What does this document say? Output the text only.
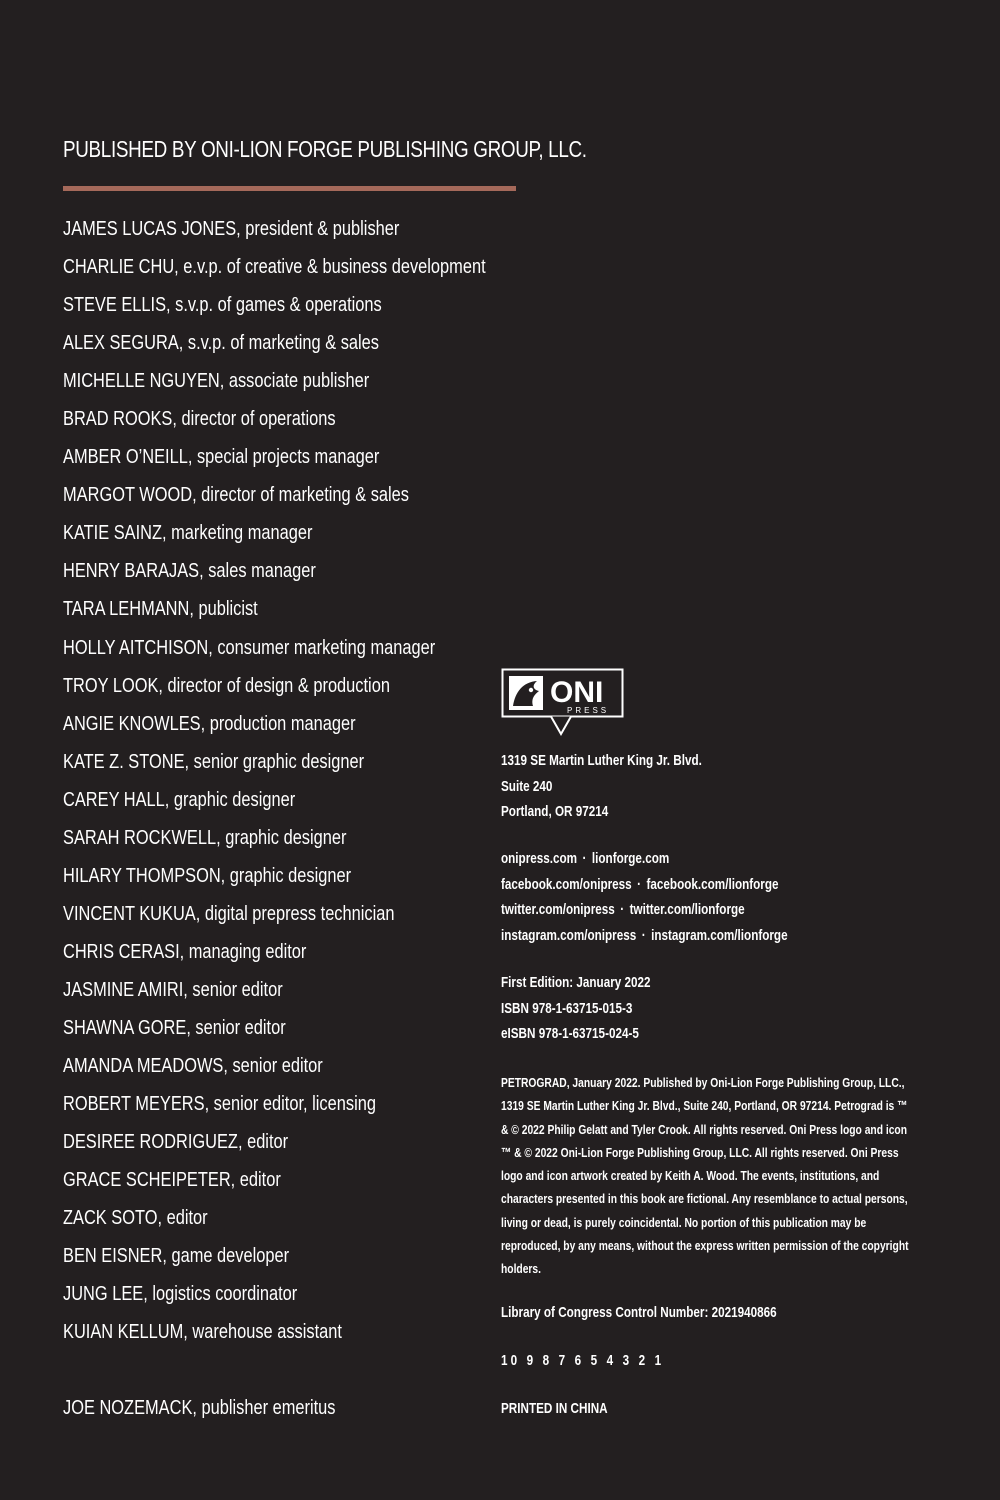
PUBLISHED BY ONI-LION FORGE PUBLISHING GROUP, LLC.
JAMES LUCAS JONES, president & publisher
CHARLIE CHU, e.v.p. of creative & business development
STEVE ELLIS, s.v.p. of games & operations
ALEX SEGURA, s.v.p. of marketing & sales
MICHELLE NGUYEN, associate publisher
BRAD ROOKS, director of operations
AMBER O’NEILL, special projects manager
MARGOT WOOD, director of marketing & sales
KATIE SAINZ, marketing manager
HENRY BARAJAS, sales manager
TARA LEHMANN, publicist
HOLLY AITCHISON, consumer marketing manager
TROY LOOK, director of design & production
ANGIE KNOWLES, production manager
KATE Z. STONE, senior graphic designer
CAREY HALL, graphic designer
SARAH ROCKWELL, graphic designer
HILARY THOMPSON, graphic designer
VINCENT KUKUA, digital prepress technician
CHRIS CERASI, managing editor
JASMINE AMIRI, senior editor
SHAWNA GORE, senior editor
AMANDA MEADOWS, senior editor
ROBERT MEYERS, senior editor, licensing
DESIREE RODRIGUEZ, editor
GRACE SCHEIPETER, editor
ZACK SOTO, editor
BEN EISNER, game developer
JUNG LEE, logistics coordinator
KUIAN KELLUM, warehouse assistant
JOE NOZEMACK, publisher emeritus
ONI
PRESS
1319 SE Martin Luther King Jr. Blvd.
Suite 240
Portland, OR 97214
onipress.com · lionforge.com
facebook.com/onipress · facebook.com/lionforge
twitter.com/onipress · twitter.com/lionforge
instagram.com/onipress · instagram.com/lionforge
First Edition: January 2022
ISBN 978-1-63715-015-3
eISBN 978-1-63715-024-5
PETROGRAD, January 2022. Published by Oni-Lion Forge Publishing Group, LLC., 1319 SE Martin Luther King Jr. Blvd., Suite 240, Portland, OR 97214. Petrograd is ™ & © 2022 Philip Gelatt and Tyler Crook. All rights reserved. Oni Press logo and icon ™ & © 2022 Oni-Lion Forge Publishing Group, LLC. All rights reserved. Oni Press logo and icon artwork created by Keith A. Wood. The events, institutions, and characters presented in this book are fictional. Any resemblance to actual persons, living or dead, is purely coincidental. No portion of this publication may be reproduced, by any means, without the express written permission of the copyright holders.
Library of Congress Control Number: 2021940866
10 9 8 7 6 5 4 3 2 1
PRINTED IN CHINA
